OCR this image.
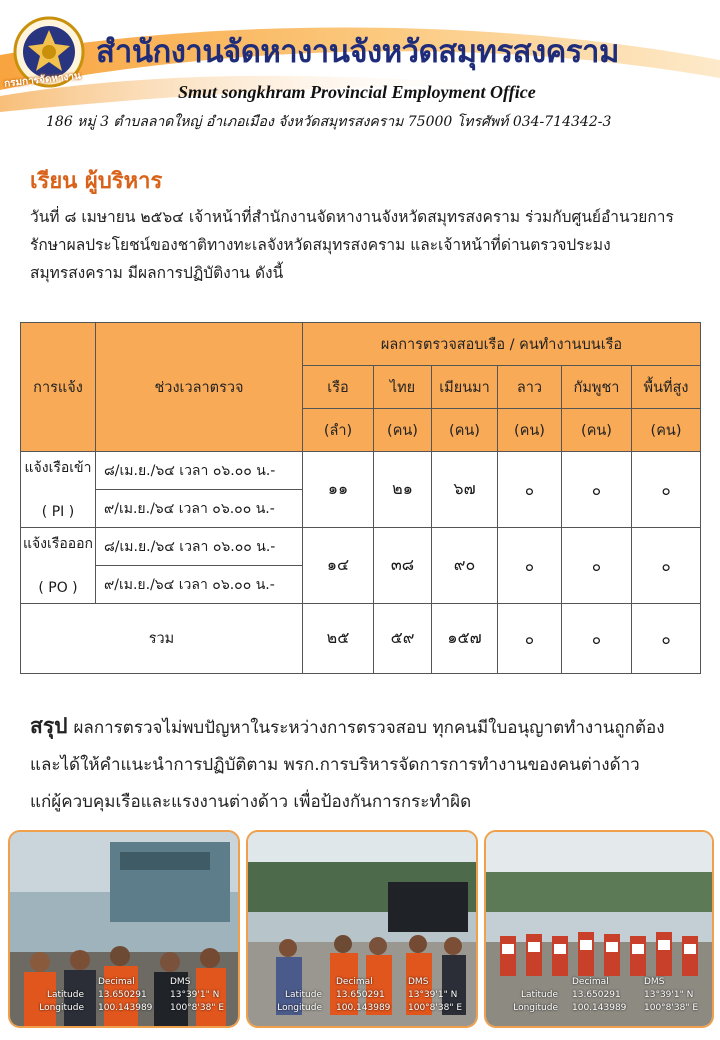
กรมการจัดหางาน
สำนักงานจัดหางานจังหวัดสมุทรสงคราม
Smut songkhram Provincial Employment Office
186 หมู่ 3 ตำบลลาดใหญ่ อำเภอเมือง จังหวัดสมุทรสงคราม 75000 โทรศัพท์ 034-714342-3
เรียน ผู้บริหาร
วันที่ ๘ เมษายน ๒๕๖๔ เจ้าหน้าที่สำนักงานจัดหางานจังหวัดสมุทรสงคราม ร่วมกับศูนย์อำนวยการ
รักษาผลประโยชน์ของชาติทางทะเลจังหวัดสมุทรสงคราม และเจ้าหน้าที่ด่านตรวจประมง
สมุทรสงคราม มีผลการปฏิบัติงาน ดังนี้
การแจ้ง	ช่วงเวลาตรวจ	ผลการตรวจสอบเรือ / คนทำงานบนเรือ					
		เรือ	ไทย	เมียนมา	ลาว	กัมพูชา	พื้นที่สูง
		(ลำ)	(คน)	(คน)	(คน)	(คน)	(คน)
แจ้งเรือเข้า
( PI )	๘/เม.ย./๖๔ เวลา ๐๖.๐๐ น.-	๑๑	๒๑	๖๗	๐	๐	๐
	๙/เม.ย./๖๔ เวลา ๐๖.๐๐ น.-						
แจ้งเรือออก
( PO )	๘/เม.ย./๖๔ เวลา ๐๖.๐๐ น.-	๑๔	๓๘	๙๐	๐	๐	๐
	๙/เม.ย./๖๔ เวลา ๐๖.๐๐ น.-						
รวม		๒๕	๕๙	๑๕๗	๐	๐	๐
สรุป ผลการตรวจไม่พบปัญหาในระหว่างการตรวจสอบ ทุกคนมีใบอนุญาตทำงานถูกต้อง
และได้ให้คำแนะนำการปฏิบัติตาม พรก.การบริหารจัดการการทำงานของคนต่างด้าว
แก่ผู้ควบคุมเรือและแรงงานต่างด้าว เพื่อป้องกันการกระทำผิด
Decimal	DMS
Latitude 13.650291	13°39'1" N
Longitude 100.143989	100°8'38" E
Decimal	DMS
Latitude 13.650291	13°39'1" N
Longitude 100.143989	100°8'38" E
Decimal	DMS
Latitude 13.650291	13°39'1" N
Longitude 100.143989	100°8'38" E
